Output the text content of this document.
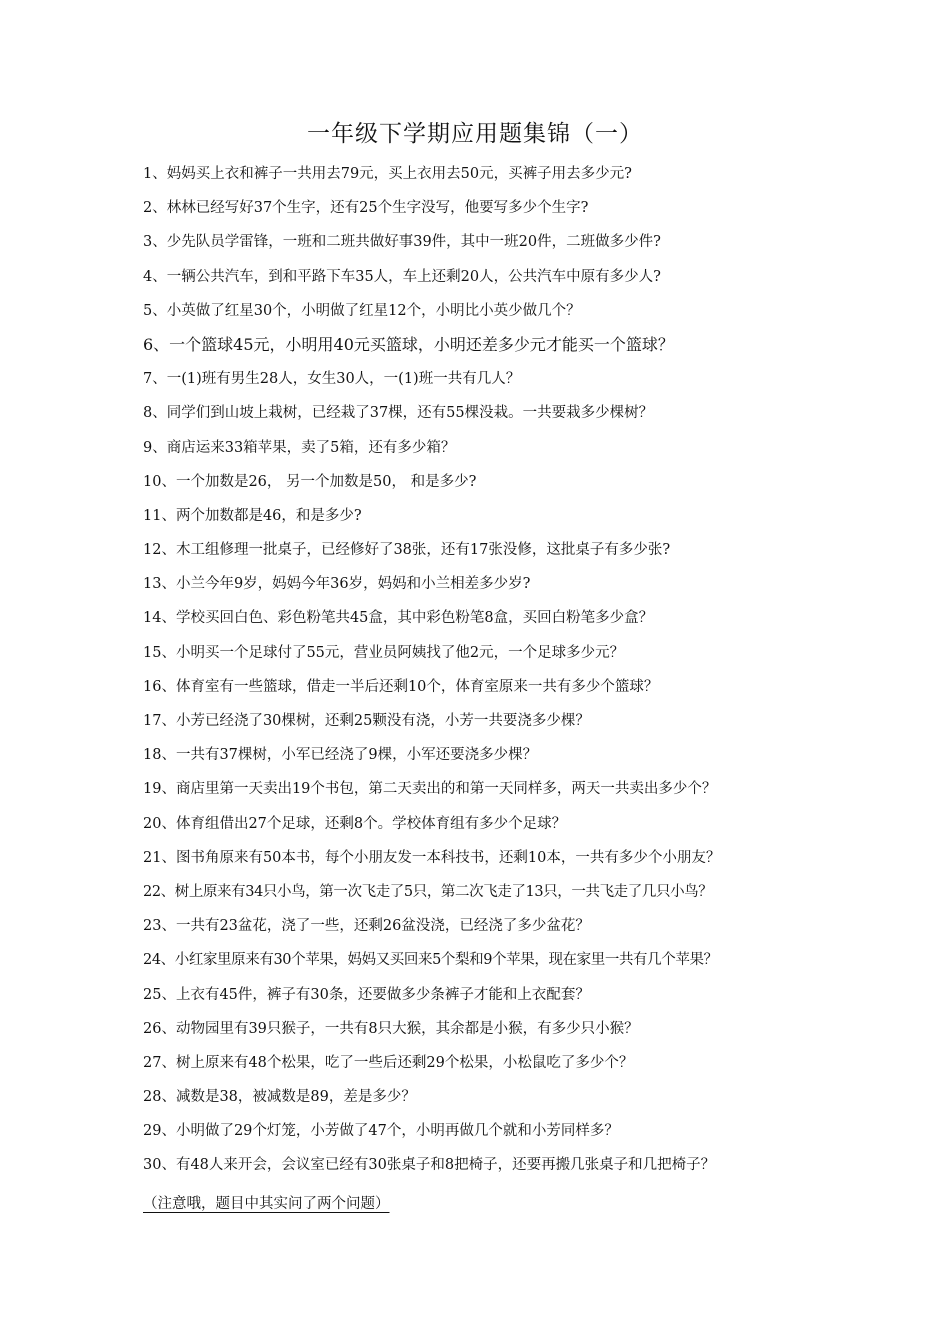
一年级下学期应用题集锦（一）
1、妈妈买上衣和裤子一共用去79元，买上衣用去50元，买裤子用去多少元?
2、林林已经写好37个生字，还有25个生字没写，他要写多少个生字?
3、少先队员学雷锋，一班和二班共做好事39件，其中一班20件，二班做多少件?
4、一辆公共汽车，到和平路下车35人，车上还剩20人，公共汽车中原有多少人?
5、小英做了红星30个，小明做了红星12个，小明比小英少做几个？
6、一个篮球45元，小明用40元买篮球，小明还差多少元才能买一个篮球？
7、一(1)班有男生28人，女生30人，一(1)班一共有几人？
8、同学们到山坡上栽树，已经栽了37棵，还有55棵没栽。一共要栽多少棵树？
9、商店运来33箱苹果，卖了5箱，还有多少箱？
10、一个加数是26， 另一个加数是50， 和是多少?
11、两个加数都是46，和是多少?
12、木工组修理一批桌子，已经修好了38张，还有17张没修，这批桌子有多少张?
13、小兰今年9岁，妈妈今年36岁，妈妈和小兰相差多少岁?
14、学校买回白色、彩色粉笔共45盒，其中彩色粉笔8盒，买回白粉笔多少盒？
15、小明买一个足球付了55元，营业员阿姨找了他2元，一个足球多少元？
16、体育室有一些篮球，借走一半后还剩10个，体育室原来一共有多少个篮球？
17、小芳已经浇了30棵树，还剩25颗没有浇，小芳一共要浇多少棵？
18、一共有37棵树，小军已经浇了9棵，小军还要浇多少棵？
19、商店里第一天卖出19个书包，第二天卖出的和第一天同样多，两天一共卖出多少个？
20、体育组借出27个足球，还剩8个。学校体育组有多少个足球？
21、图书角原来有50本书，每个小朋友发一本科技书，还剩10本，一共有多少个小朋友？
22、树上原来有34只小鸟，第一次飞走了5只，第二次飞走了13只，一共飞走了几只小鸟？
23、一共有23盆花，浇了一些，还剩26盆没浇，已经浇了多少盆花？
24、小红家里原来有30个苹果，妈妈又买回来5个梨和9个苹果，现在家里一共有几个苹果？
25、上衣有45件，裤子有30条，还要做多少条裤子才能和上衣配套？
26、动物园里有39只猴子，一共有8只大猴，其余都是小猴，有多少只小猴？
27、树上原来有48个松果，吃了一些后还剩29个松果，小松鼠吃了多少个？
28、减数是38，被减数是89，差是多少？
29、小明做了29个灯笼，小芳做了47个，小明再做几个就和小芳同样多？
30、有48人来开会，会议室已经有30张桌子和8把椅子，还要再搬几张桌子和几把椅子？
（注意哦，题目中其实问了两个问题）
